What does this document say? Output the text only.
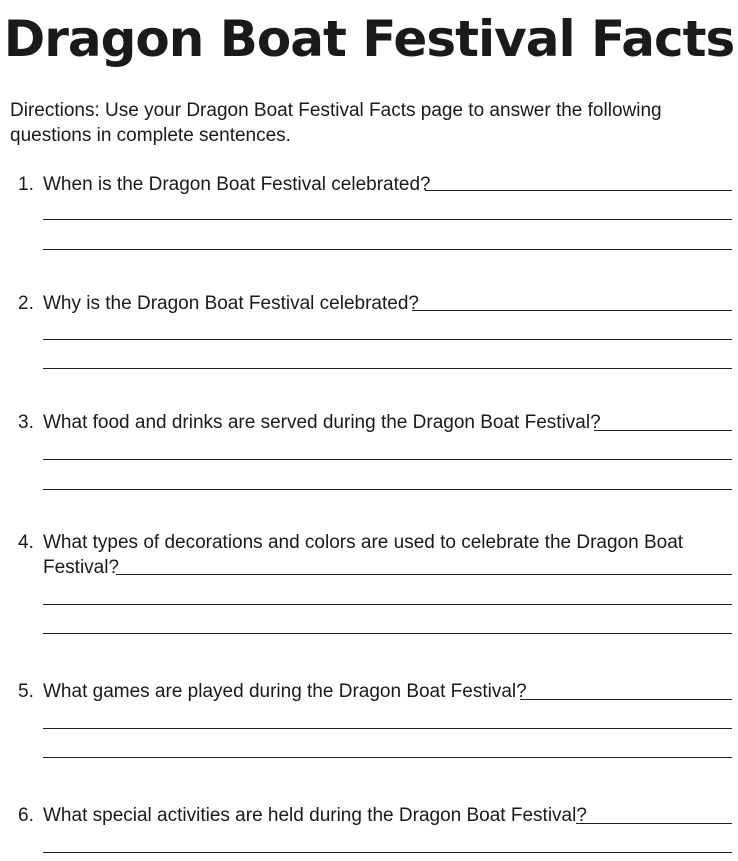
Dragon Boat Festival Facts
Directions: Use your Dragon Boat Festival Facts page to answer the following questions in complete sentences.
1. When is the Dragon Boat Festival celebrated?
2. Why is the Dragon Boat Festival celebrated?
3. What food and drinks are served during the Dragon Boat Festival?
4. What types of decorations and colors are used to celebrate the Dragon Boat
Festival?
5. What games are played during the Dragon Boat Festival?
6. What special activities are held during the Dragon Boat Festival?
